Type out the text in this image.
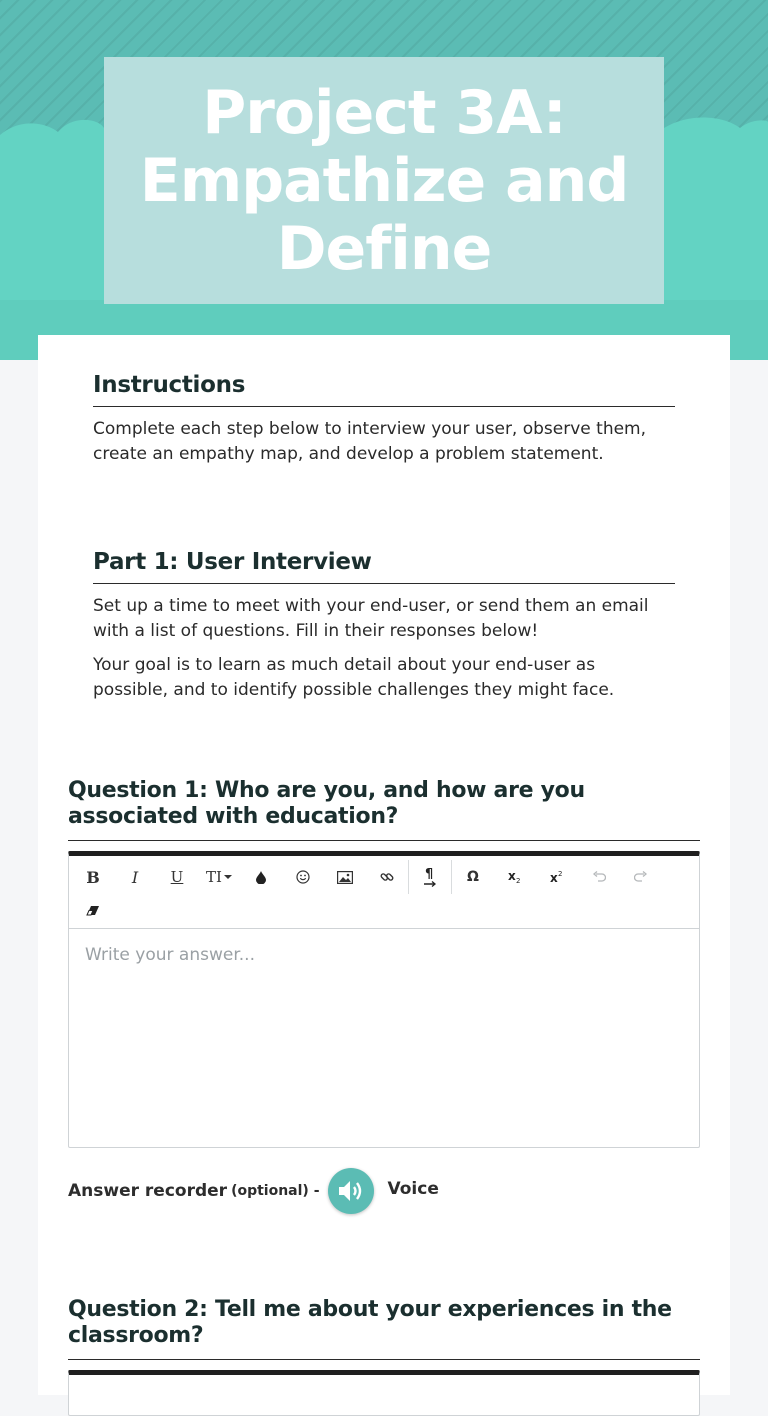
Project 3A: Empathize and Define
Instructions

Complete each step below to interview your user, observe them, create an empathy map, and develop a problem statement.

Part 1: User Interview

Set up a time to meet with your end-user, or send them an email with a list of questions. Fill in their responses below!

Your goal is to learn as much detail about your end-user as possible, and to identify possible challenges they might face.

Question 1: Who are you, and how are you associated with education?
B I U TI	¶ Ω x 2 x 2
Write your answer...
Answer recorder (optional) -	Voice
Question 2: Tell me about your experiences in the classroom?
